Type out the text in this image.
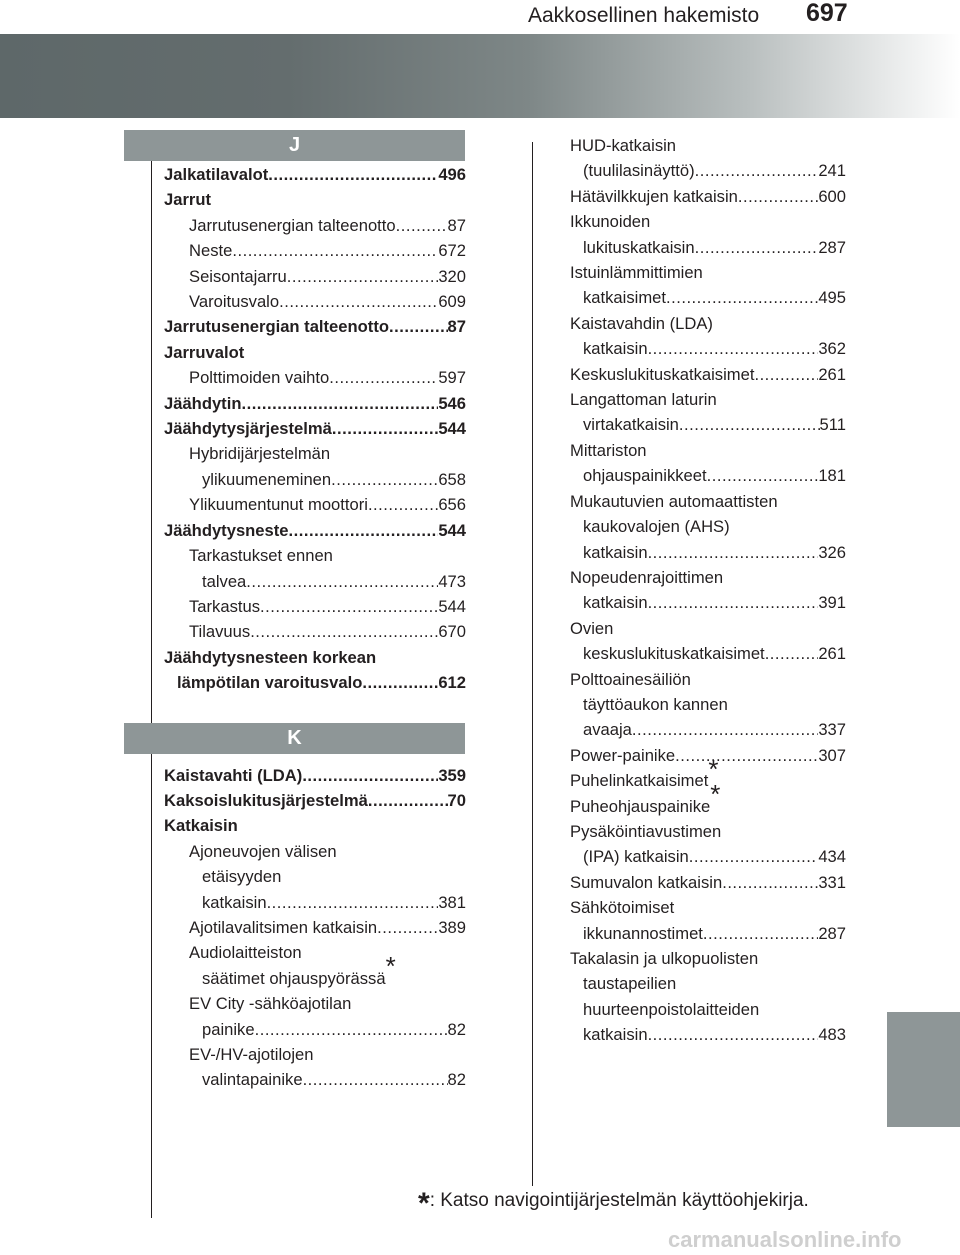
Aakkosellinen hakemisto 697
J
K
Jalkatilavalot .....	496
Jarrut
Jarrutusenergian talteenotto .....	87
Neste .....	672
Seisontajarru .....	320
Varoitusvalo .....	609
Jarrutusenergian talteenotto .....	87
Jarruvalot
Polttimoiden vaihto .....	597
Jäähdytin .....	546
Jäähdytysjärjestelmä .....	544
Hybridijärjestelmän
ylikuumeneminen .....	658
Ylikuumentunut moottori .....	656
Jäähdytysneste .....	544
Tarkastukset ennen
talvea .....	473
Tarkastus .....	544
Tilavuus .....	670
Jäähdytysnesteen korkean
lämpötilan varoitusvalo .....	612
Kaistavahti (LDA) .....	359
Kaksoislukitusjärjestelmä .....	70
Katkaisin
Ajoneuvojen välisen
etäisyyden
katkaisin .....	381
Ajotilavalitsimen katkaisin .....	389
Audiolaitteiston
säätimet ohjauspyörässä*
EV City -sähköajotilan
painike .....	82
EV-/HV-ajotilojen
valintapainike .....	82
HUD-katkaisin
(tuulilasinäyttö) .....	241
Hätävilkkujen katkaisin .....	600
Ikkunoiden
lukituskatkaisin .....	287
Istuinlämmittimien
katkaisimet .....	495
Kaistavahdin (LDA)
katkaisin .....	362
Keskuslukituskatkaisimet .....	261
Langattoman laturin
virtakatkaisin .....	511
Mittariston
ohjauspainikkeet .....	181
Mukautuvien automaattisten
kaukovalojen (AHS)
katkaisin .....	326
Nopeudenrajoittimen
katkaisin .....	391
Ovien
keskuslukituskatkaisimet .....	261
Polttoainesäiliön
täyttöaukon kannen
avaaja .....	337
Power-painike .....	307
Puhelinkatkaisimet*
Puheohjauspainike*
Pysäköintiavustimen
(IPA) katkaisin .....	434
Sumuvalon katkaisin .....	331
Sähkötoimiset
ikkunannostimet .....	287
Takalasin ja ulkopuolisten
taustapeilien
huurteenpoistolaitteiden
katkaisin .....	483
*: Katso navigointijärjestelmän käyttöohjekirja.
carmanualsonline.info
